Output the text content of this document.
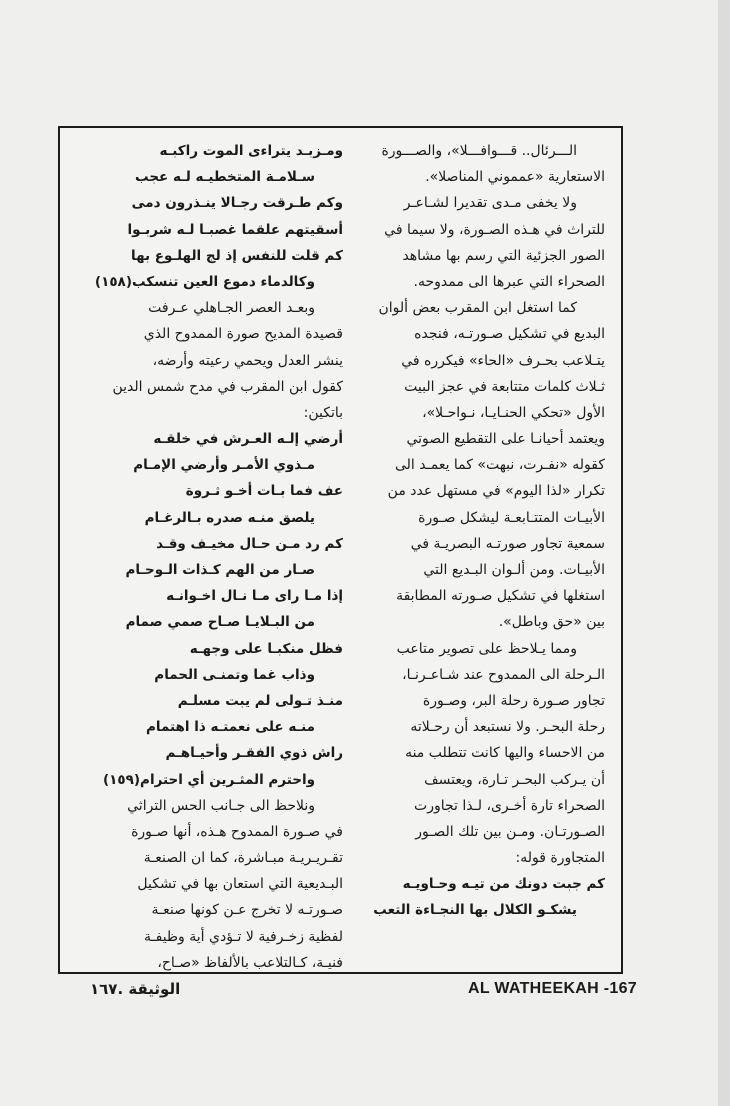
الـــرئال.. قـــوافـــلا»، والصـــورة
الاستعارية «عمموني المناصلا».
ولا يخفى مـدى تقديرا لشـاعـر
للتراث في هـذه الصـورة، ولا سيما في
الصور الجزئية التي رسم بها مشاهد
الصحراء التي عبرها الى ممدوحه.
كما استغل ابن المقرب بعض ألوان
البديع في تشكيل صـورتـه، فنجده
يتـلاعب بحـرف «الحاء» فيكرره في
ثـلاث كلمات متتابعة في عجز البيت
الأول «تحكي الحنـايـا، نـواحـلا»،
ويعتمد أحيانـا على التقطيع الصوتي
كقوله «نفـرت، نبهت» كما يعمـد الى
تكرار «لذا اليوم» في مستهل عدد من
الأبيـات المتتـابعـة ليشكل صـورة
سمعية تجاور صورتـه البصريـة في
الأبيـات. ومن ألـوان البـديع التي
استغلها في تشكيل صـورته المطابقة
بين «حق وباطل».
ومما يـلاحظ على تصوير متاعب
الـرحلة الى الممدوح عند شـاعـرنـا،
تجاور صـورة رحلة البر، وصـورة
رحلة البحـر. ولا نستبعد أن رحـلاته
من الاحساء واليها كانت تتطلب منه
أن يـركب البحـر تـارة، ويعتسف
الصحراء تارة أخـرى، لـذا تجاورت
الصـورتـان. ومـن بين تلك الصـور
المتجاورة قوله:
كم جبت دونك من تيـه وحـاويـه
يشكـو الكلال بها النجـاءة التعب
ومـزبـد يتراءى الموت راكبـه
سـلامـة المتخطيـه لـه عجب
وكم طـرقت رجـالا ينـذرون دمى
أسقيتهم علقما غصبـا لـه شربـوا
كم قلت للنفس إذ لج الهلـوع بها
وكالدماء دموع العين تنسكب(١٥٨)
وبعـد العصر الجـاهلي عـرفت
قصيدة المديح صورة الممدوح الذي
ينشر العدل ويحمي رعيته وأرضه،
كقول ابن المقرب في مدح شمس الدين
باتكين:
أرضي إلـه العـرش في خلقـه
مـذوي الأمـر وأرضي الإمـام
عف فما بـات أخـو ثـروة
يلصق منـه صدره بـالرغـام
كم رد مـن حـال مخيـف وقـد
صـار من الهم كـذات الـوحـام
إذا مـا راى مـا نـال اخـوانـه
من البـلايـا صـاح صمي صمام
فظل منكبـا على وجهـه
وذاب غما وتمنـى الحمام
منـذ تـولى لم يبت مسلـم
منـه على نعمتـه ذا اهتمام
راش ذوي الفقـر وأحيـاهـم
واحترم المثـرين أي احترام(١٥٩)
ونلاحظ الى جـانب الحس التراثي
في صـورة الممدوح هـذه، أنها صـورة
تقـريـريـة مبـاشرة، كما ان الصنعـة
البـديعية التي استعان بها في تشكيل
صـورتـه لا تخرج عـن كونها صنعـة
لفظية زخـرفية لا تـؤدي أية وظيفـة
فنيـة، كـالتلاعب بالألفاظ «صـاح،
الوثيقة .١٦٧	AL WATHEEKAH -167
